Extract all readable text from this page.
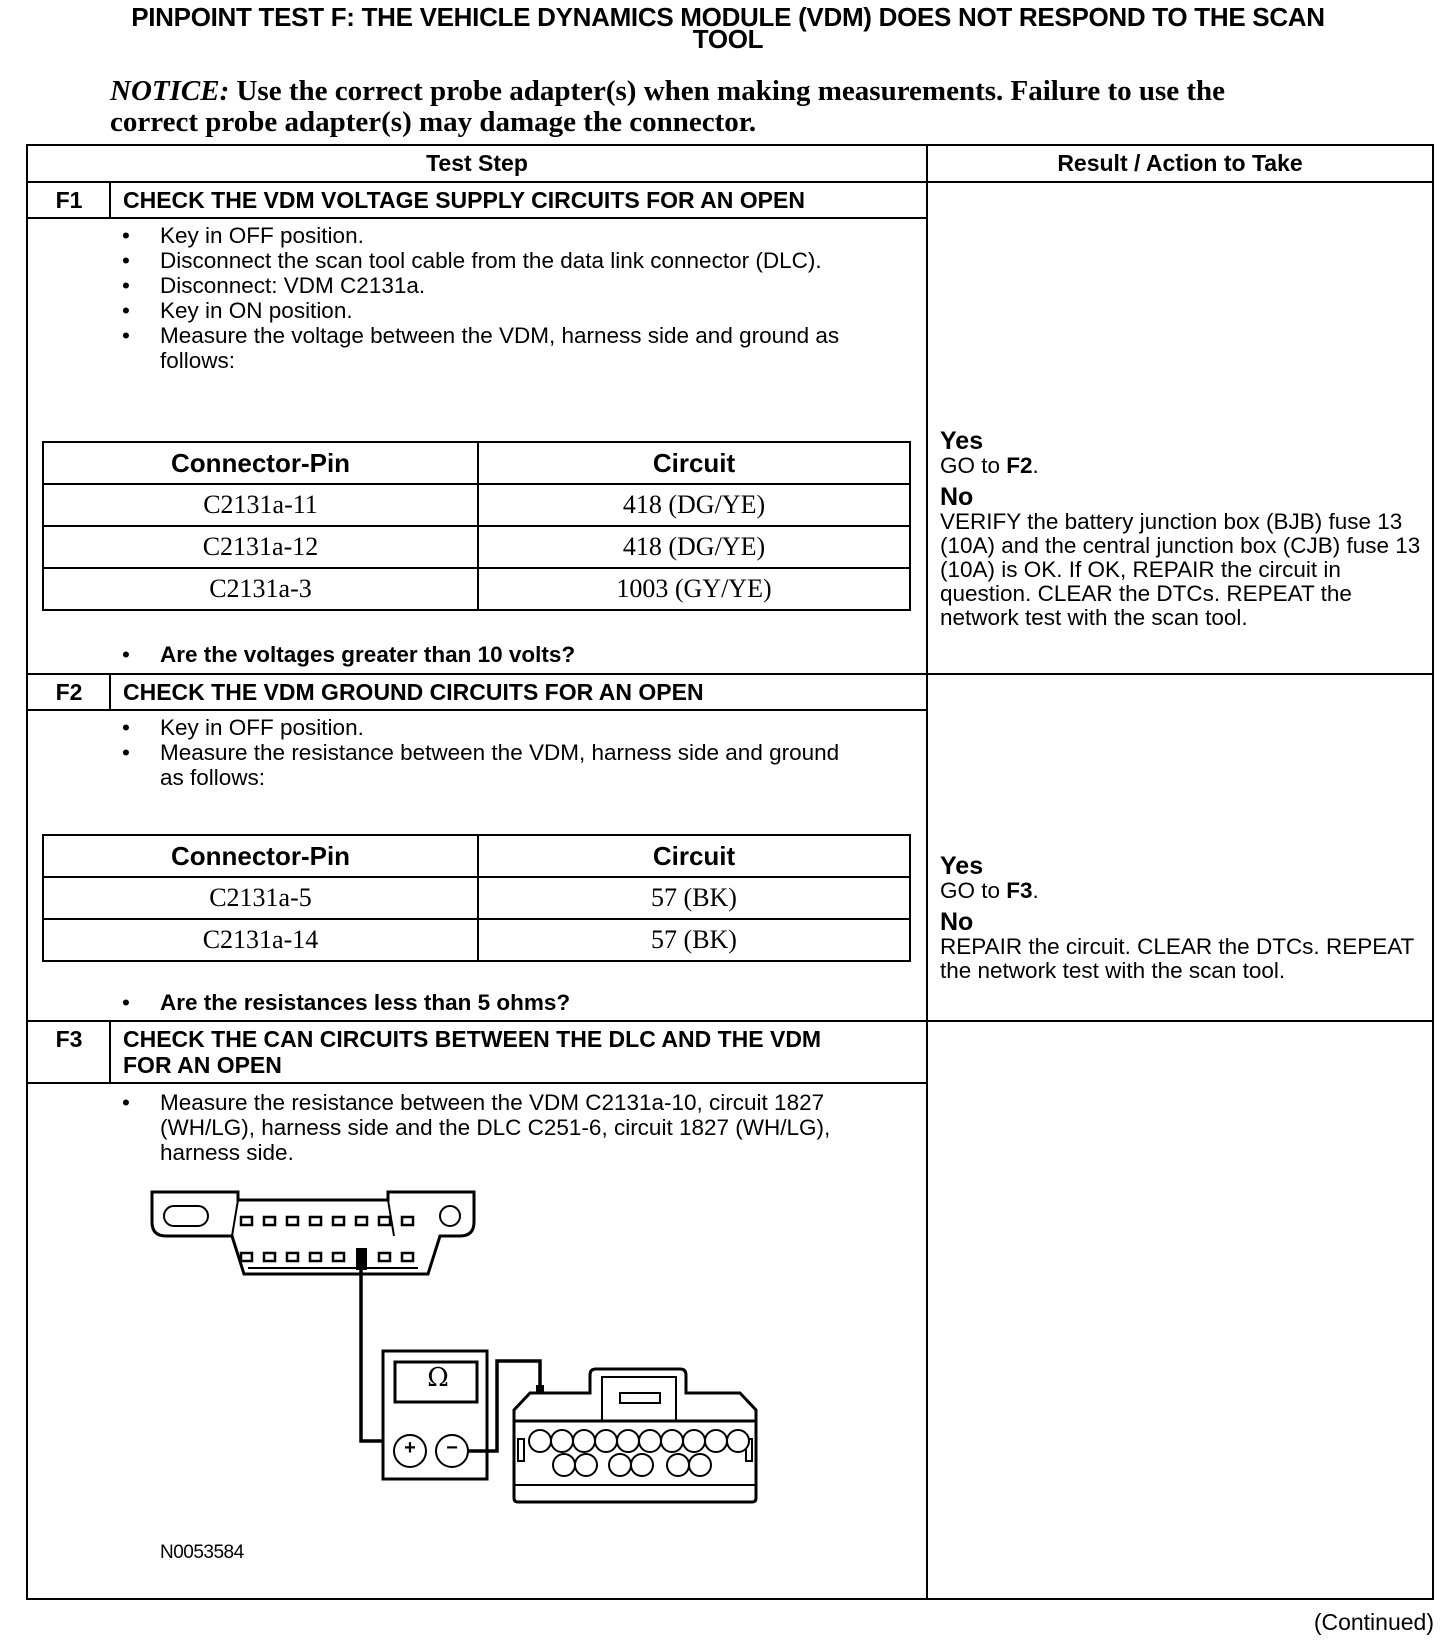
PINPOINT TEST F: THE VEHICLE DYNAMICS MODULE (VDM) DOES NOT RESPOND TO THE SCAN
TOOL
NOTICE: Use the correct probe adapter(s) when making measurements. Failure to use the
correct probe adapter(s) may damage the connector.
Test Step	Result / Action to Take
F1	CHECK THE VDM VOLTAGE SUPPLY CIRCUITS FOR AN OPEN
• Key in OFF position.
• Disconnect the scan tool cable from the data link connector (DLC).
• Disconnect: VDM C2131a.
• Key in ON position.
• Measure the voltage between the VDM, harness side and ground as follows:
Connector-Pin	Circuit
C2131a-11	418 (DG/YE)
C2131a-12	418 (DG/YE)
C2131a-3	1003 (GY/YE)
• Are the voltages greater than 10 volts?
Yes
GO to F2.
No
VERIFY the battery junction box (BJB) fuse 13 (10A) and the central junction box (CJB) fuse 13 (10A) is OK. If OK, REPAIR the circuit in question. CLEAR the DTCs. REPEAT the network test with the scan tool.
F2	CHECK THE VDM GROUND CIRCUITS FOR AN OPEN
• Key in OFF position.
• Measure the resistance between the VDM, harness side and ground as follows:
Connector-Pin	Circuit
C2131a-5	57 (BK)
C2131a-14	57 (BK)
• Are the resistances less than 5 ohms?
Yes
GO to F3.
No
REPAIR the circuit. CLEAR the DTCs. REPEAT the network test with the scan tool.
F3	CHECK THE CAN CIRCUITS BETWEEN THE DLC AND THE VDM FOR AN OPEN
• Measure the resistance between the VDM C2131a-10, circuit 1827 (WH/LG), harness side and the DLC C251-6, circuit 1827 (WH/LG), harness side.
Ω
+	−
N0053584
(Continued)
